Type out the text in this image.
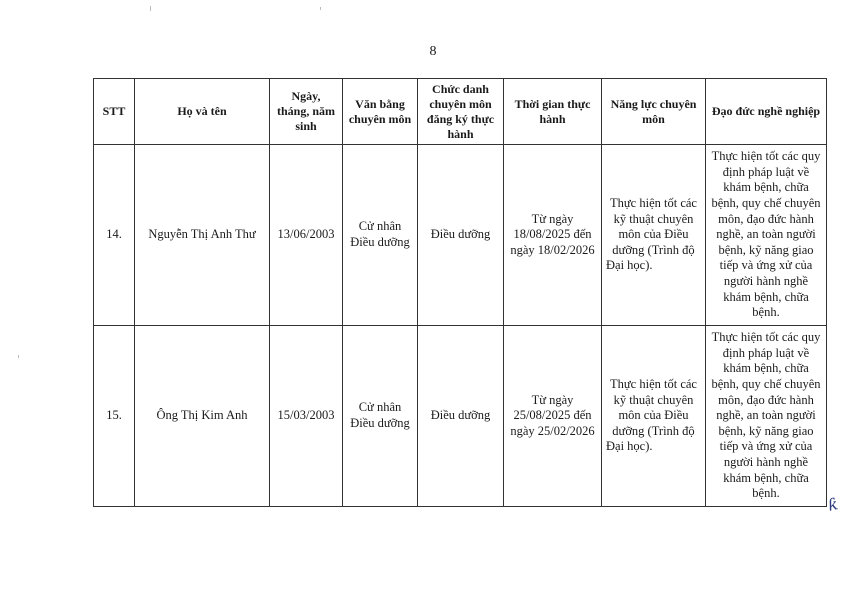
8
STT	Họ và tên	Ngày, tháng, năm sinh	Văn bằng chuyên môn	Chức danh chuyên môn đăng ký thực hành	Thời gian thực hành	Năng lực chuyên môn	Đạo đức nghề nghiệp
14.	Nguyễn Thị Anh Thư	13/06/2003	Cử nhân Điều dưỡng	Điều dưỡng	Từ ngày 18/08/2025 đến ngày 18/02/2026	Thực hiện tốt các kỹ thuật chuyên môn của Điều dưỡng (Trình độ Đại học).	Thực hiện tốt các quy định pháp luật về khám bệnh, chữa bệnh, quy chế chuyên môn, đạo đức hành nghề, an toàn người bệnh, kỹ năng giao tiếp và ứng xử của người hành nghề khám bệnh, chữa bệnh.
15.	Ông Thị Kim Anh	15/03/2003	Cử nhân Điều dưỡng	Điều dưỡng	Từ ngày 25/08/2025 đến ngày 25/02/2026	Thực hiện tốt các kỹ thuật chuyên môn của Điều dưỡng (Trình độ Đại học).	Thực hiện tốt các quy định pháp luật về khám bệnh, chữa bệnh, quy chế chuyên môn, đạo đức hành nghề, an toàn người bệnh, kỹ năng giao tiếp và ứng xử của người hành nghề khám bệnh, chữa bệnh.
ƙ
